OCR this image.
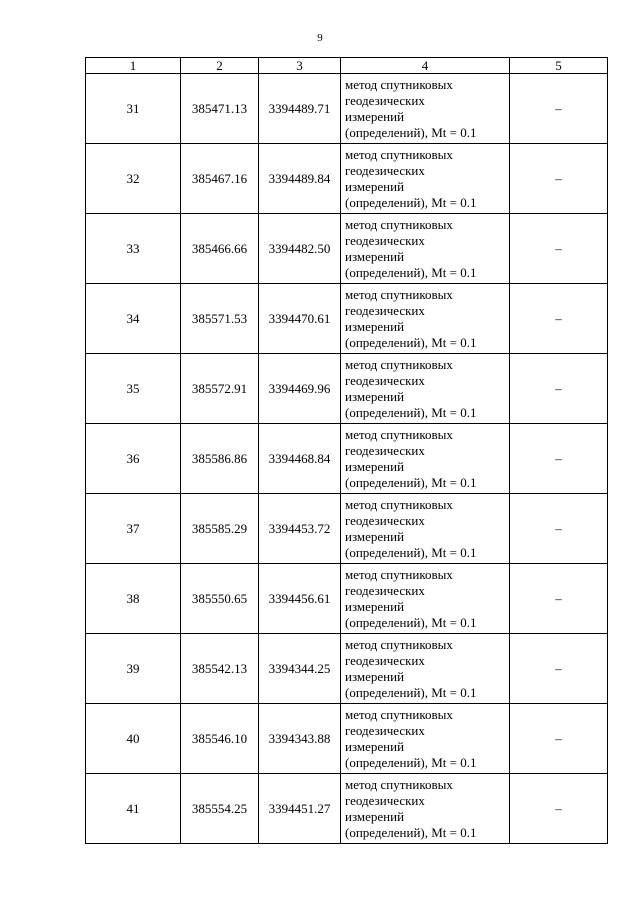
9
1	2	3	4	5
31	385471.13	3394489.71	метод спутниковых
геодезических
измерений
(определений), Mt = 0.1	–
32	385467.16	3394489.84	метод спутниковых
геодезических
измерений
(определений), Mt = 0.1	–
33	385466.66	3394482.50	метод спутниковых
геодезических
измерений
(определений), Mt = 0.1	–
34	385571.53	3394470.61	метод спутниковых
геодезических
измерений
(определений), Mt = 0.1	–
35	385572.91	3394469.96	метод спутниковых
геодезических
измерений
(определений), Mt = 0.1	–
36	385586.86	3394468.84	метод спутниковых
геодезических
измерений
(определений), Mt = 0.1	–
37	385585.29	3394453.72	метод спутниковых
геодезических
измерений
(определений), Mt = 0.1	–
38	385550.65	3394456.61	метод спутниковых
геодезических
измерений
(определений), Mt = 0.1	–
39	385542.13	3394344.25	метод спутниковых
геодезических
измерений
(определений), Mt = 0.1	–
40	385546.10	3394343.88	метод спутниковых
геодезических
измерений
(определений), Mt = 0.1	–
41	385554.25	3394451.27	метод спутниковых
геодезических
измерений
(определений), Mt = 0.1	–
